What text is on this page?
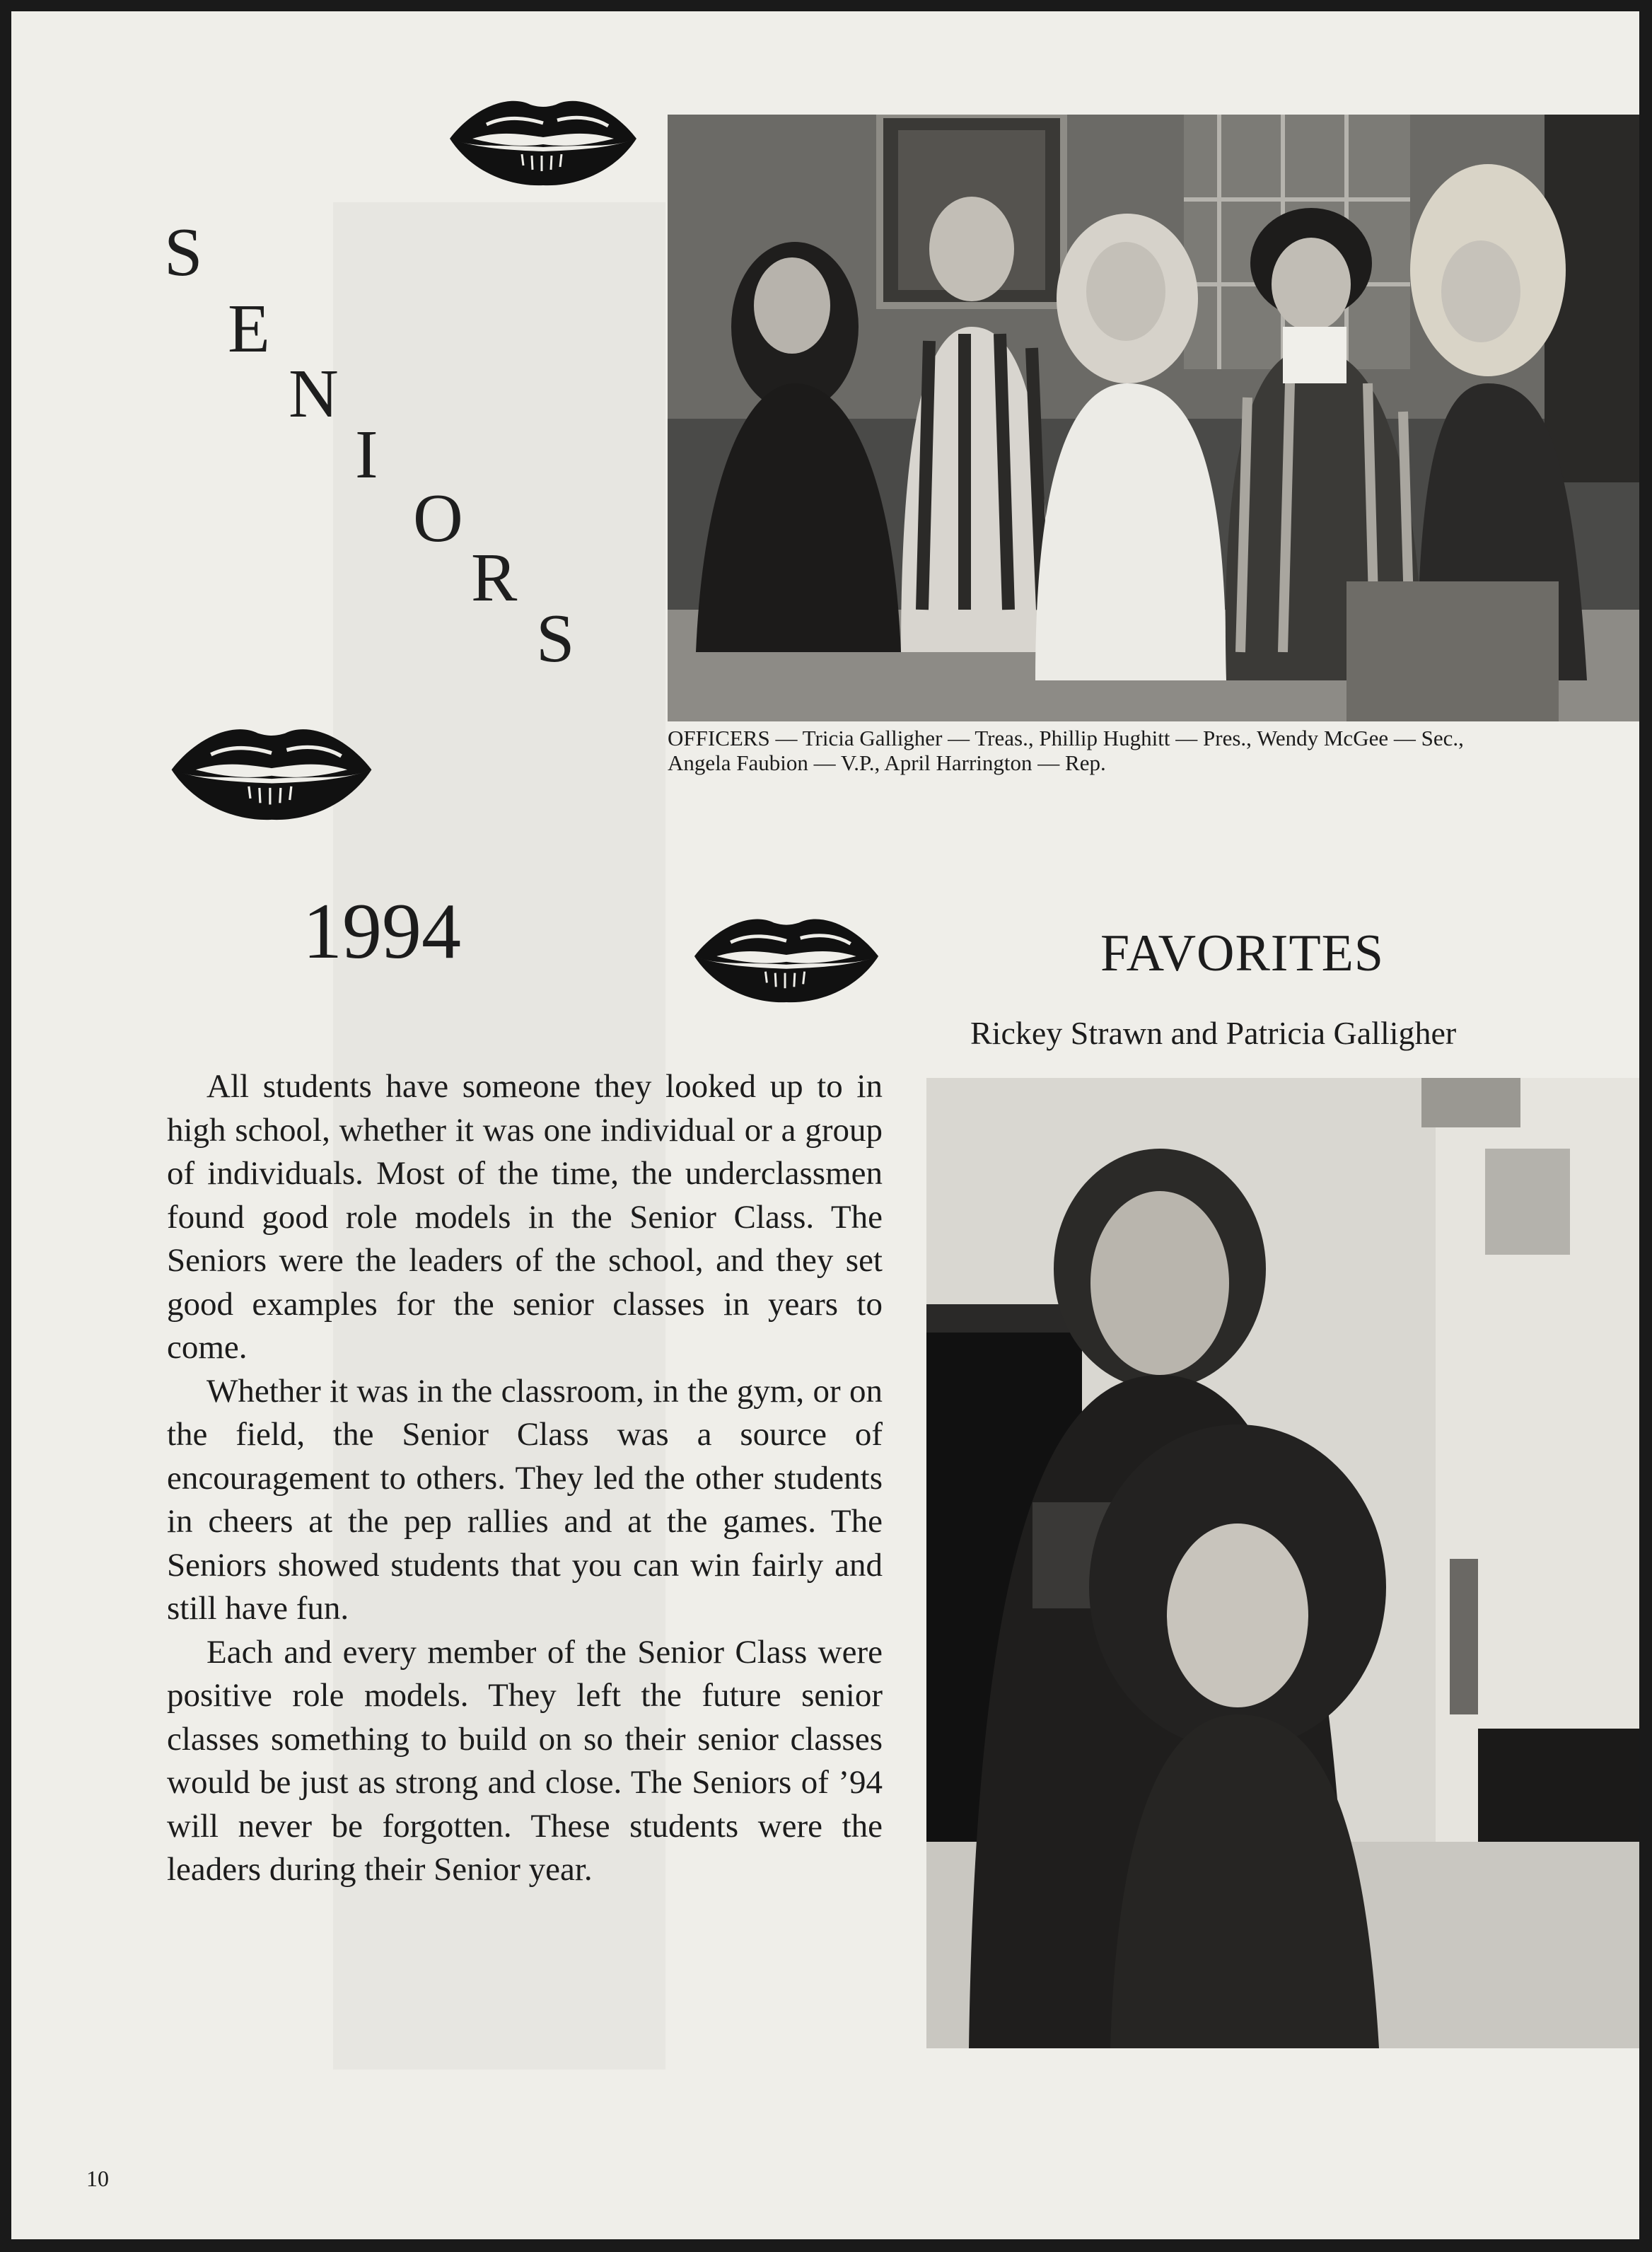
S
E
N
I
O
R
S
OFFICERS — Tricia Galligher — Treas., Phillip Hughitt — Pres., Wendy McGee — Sec.,
Angela Faubion — V.P., April Harrington — Rep.
1994	FAVORITES
Rickey Strawn and Patricia Galligher

All students have someone they looked up to in high school, whether it was one individual or a group of individuals. Most of the time, the underclassmen found good role models in the Senior Class. The Seniors were the leaders of the school, and they set good examples for the senior classes in years to come.

Whether it was in the classroom, in the gym, or on the field, the Senior Class was a source of encouragement to others. They led the other students in cheers at the pep rallies and at the games. The Seniors showed students that you can win fairly and still have fun.

Each and every member of the Senior Class were positive role models. They left the future senior classes something to build on so their senior classes would be just as strong and close. The Seniors of ’94 will never be forgotten. These students were the leaders during their Senior year.

10
